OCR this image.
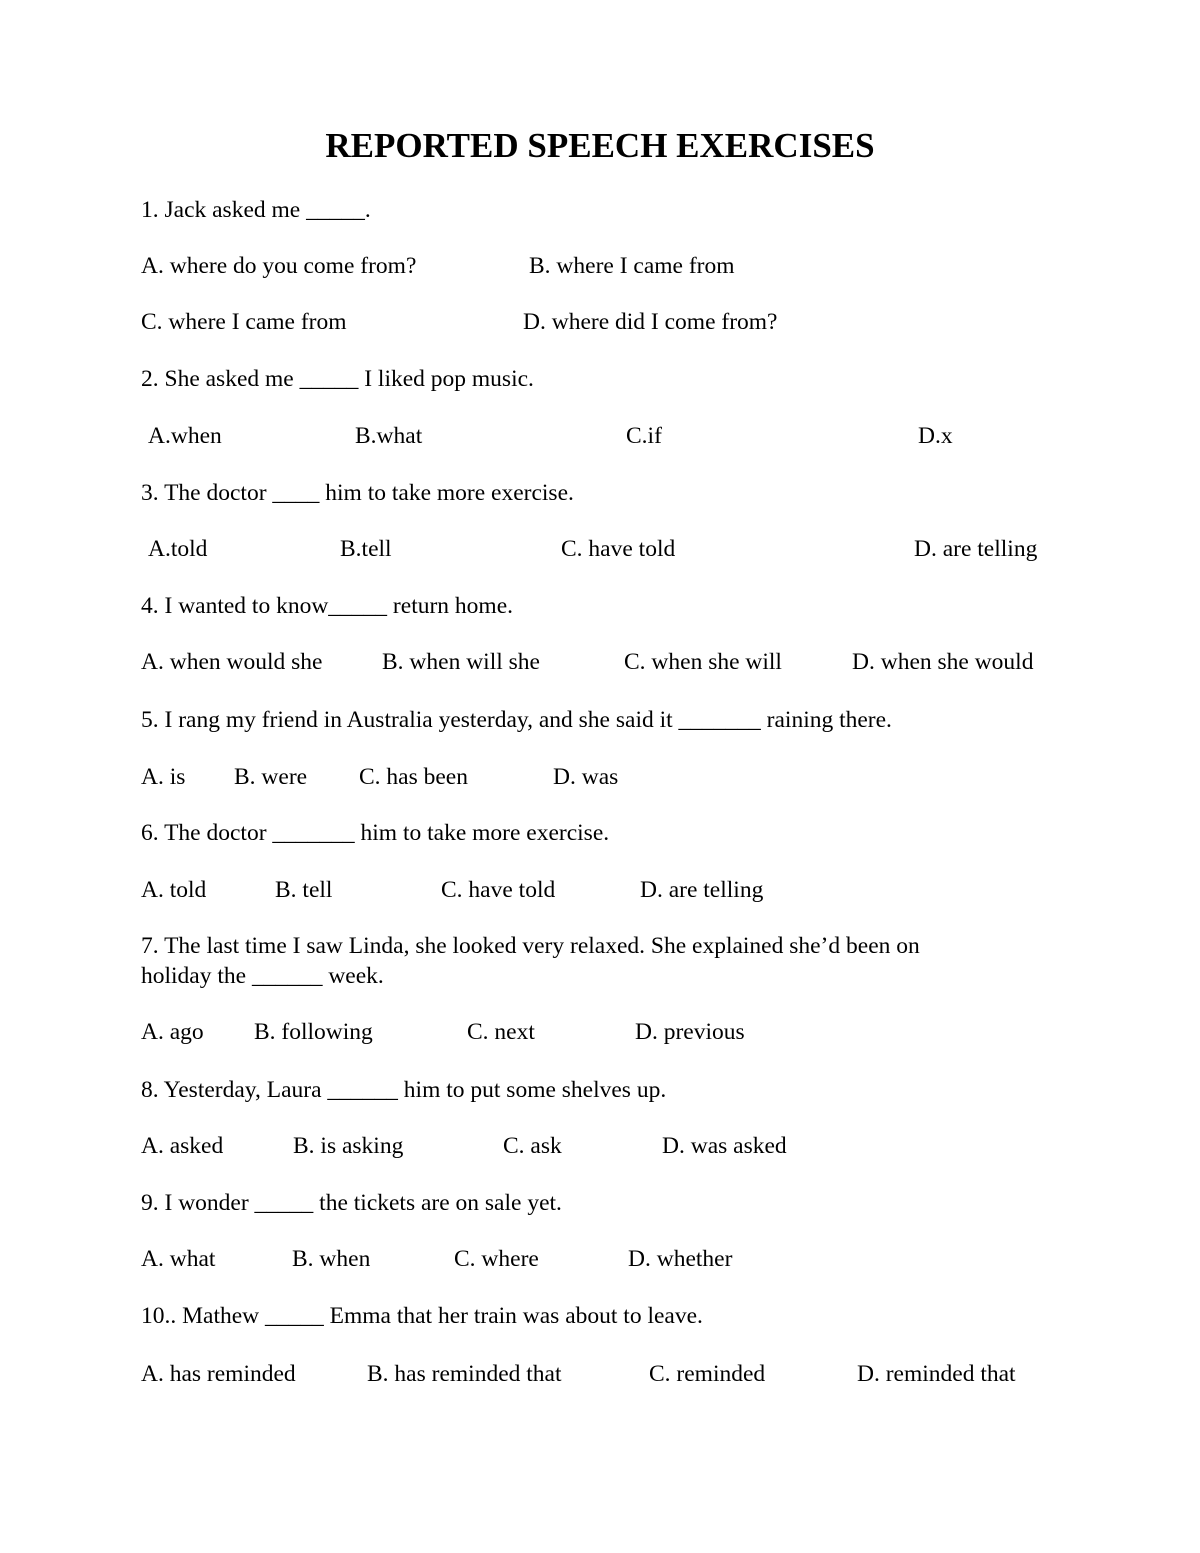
REPORTED SPEECH EXERCISES
1. Jack asked me _____.
A. where do you come from?	B. where I came from
C. where I came from	D. where did I come from?
2. She asked me _____ I liked pop music.
A.when	B.what	C.if	D.x
3. The doctor ____ him to take more exercise.
A.told	B.tell	C. have told	D. are telling
4. I wanted to know_____ return home.
A. when would she	B. when will she	C. when she will	D. when she would
5. I rang my friend in Australia yesterday, and she said it _______ raining there.
A. is B. were C. has been	D. was
6. The doctor _______ him to take more exercise.
A. told	B. tell	C. have told	D. are telling
7. The last time I saw Linda, she looked very relaxed. She explained she’d been on
holiday the ______ week.
A. ago B. following	C. next	D. previous
8. Yesterday, Laura ______ him to put some shelves up.
A. asked	B. is asking	C. ask	D. was asked
9. I wonder _____ the tickets are on sale yet.
A. what	B. when	C. where	D. whether
10.. Mathew _____ Emma that her train was about to leave.
A. has reminded	B. has reminded that	C. reminded	D. reminded that
